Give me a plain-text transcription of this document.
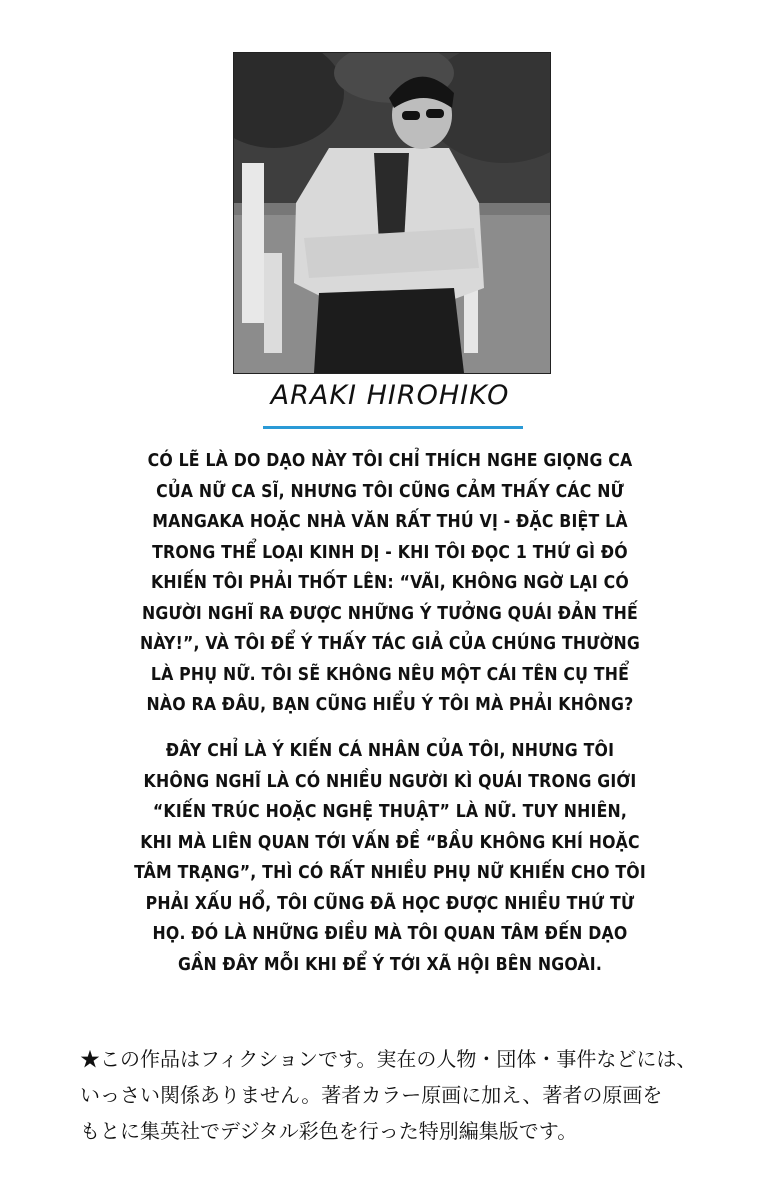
ARAKI HIROHIKO
CÓ LẼ LÀ DO DẠO NÀY TÔI CHỈ THÍCH NGHE GIỌNG CA
CỦA NỮ CA SĨ, NHƯNG TÔI CŨNG CẢM THẤY CÁC NỮ
MANGAKA HOẶC NHÀ VĂN RẤT THÚ VỊ - ĐẶC BIỆT LÀ
TRONG THỂ LOẠI KINH DỊ - KHI TÔI ĐỌC 1 THỨ GÌ ĐÓ
KHIẾN TÔI PHẢI THỐT LÊN: “VÃI, KHÔNG NGỜ LẠI CÓ
NGƯỜI NGHĨ RA ĐƯỢC NHỮNG Ý TƯỞNG QUÁI ĐẢN THẾ
NÀY!”, VÀ TÔI ĐỂ Ý THẤY TÁC GIẢ CỦA CHÚNG THƯỜNG
LÀ PHỤ NỮ. TÔI SẼ KHÔNG NÊU MỘT CÁI TÊN CỤ THỂ
NÀO RA ĐÂU, BẠN CŨNG HIỂU Ý TÔI MÀ PHẢI KHÔNG?
ĐÂY CHỈ LÀ Ý KIẾN CÁ NHÂN CỦA TÔI, NHƯNG TÔI
KHÔNG NGHĨ LÀ CÓ NHIỀU NGƯỜI KÌ QUÁI TRONG GIỚI
“KIẾN TRÚC HOẶC NGHỆ THUẬT” LÀ NỮ. TUY NHIÊN,
KHI MÀ LIÊN QUAN TỚI VẤN ĐỀ “BẦU KHÔNG KHÍ HOẶC
TÂM TRẠNG”, THÌ CÓ RẤT NHIỀU PHỤ NỮ KHIẾN CHO TÔI
PHẢI XẤU HỔ, TÔI CŨNG ĐÃ HỌC ĐƯỢC NHIỀU THỨ TỪ
HỌ. ĐÓ LÀ NHỮNG ĐIỀU MÀ TÔI QUAN TÂM ĐẾN DẠO
GẦN ĐÂY MỖI KHI ĐỂ Ý TỚI XÃ HỘI BÊN NGOÀI.
★この作品はフィクションです。実在の人物・団体・事件などには、
いっさい関係ありません。著者カラー原画に加え、著者の原画を
もとに集英社でデジタル彩色を行った特別編集版です。
